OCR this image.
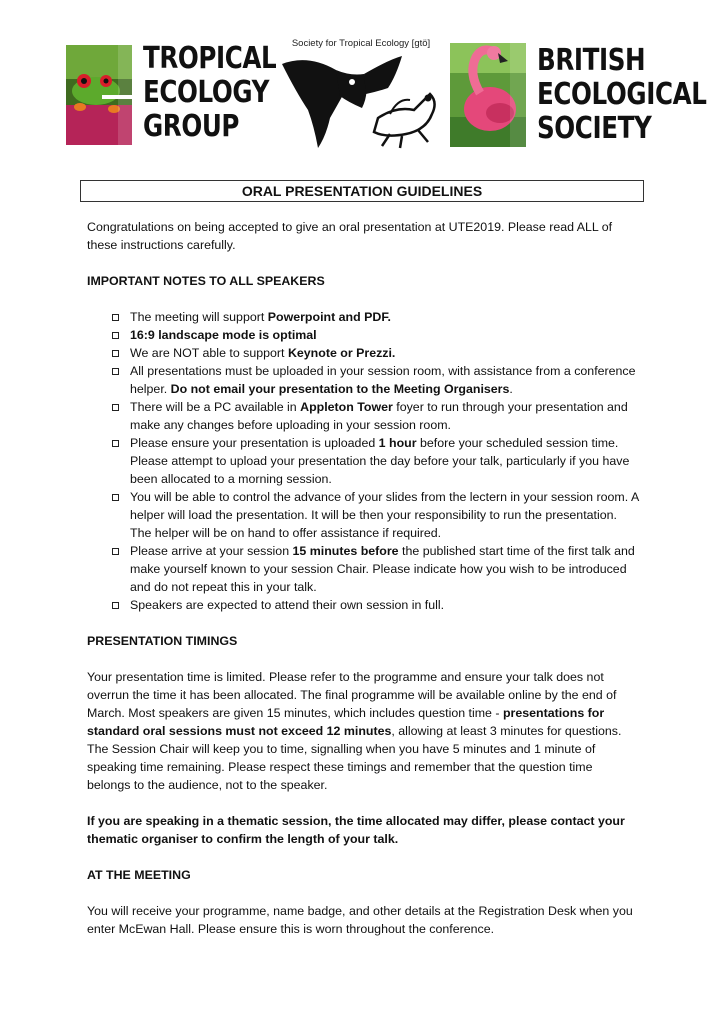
TROPICAL
ECOLOGY
GROUP
Society for Tropical Ecology [gtö]	BRITISH
ECOLOGICAL
SOCIETY
ORAL PRESENTATION GUIDELINES

Congratulations on being accepted to give an oral presentation at UTE2019. Please read ALL of these instructions carefully.

IMPORTANT NOTES TO ALL SPEAKERS

The meeting will support Powerpoint and PDF.
16:9 landscape mode is optimal
We are NOT able to support Keynote or Prezzi.
All presentations must be uploaded in your session room, with assistance from a conference helper. Do not email your presentation to the Meeting Organisers.
There will be a PC available in Appleton Tower foyer to run through your presentation and make any changes before uploading in your session room.
Please ensure your presentation is uploaded 1 hour before your scheduled session time. Please attempt to upload your presentation the day before your talk, particularly if you have been allocated to a morning session.
You will be able to control the advance of your slides from the lectern in your session room. A helper will load the presentation. It will be then your responsibility to run the presentation. The helper will be on hand to offer assistance if required.
Please arrive at your session 15 minutes before the published start time of the first talk and make yourself known to your session Chair. Please indicate how you wish to be introduced and do not repeat this in your talk.
Speakers are expected to attend their own session in full.

PRESENTATION TIMINGS

Your presentation time is limited. Please refer to the programme and ensure your talk does not overrun the time it has been allocated. The final programme will be available online by the end of March. Most speakers are given 15 minutes, which includes question time - presentations for standard oral sessions must not exceed 12 minutes, allowing at least 3 minutes for questions. The Session Chair will keep you to time, signalling when you have 5 minutes and 1 minute of speaking time remaining. Please respect these timings and remember that the question time belongs to the audience, not to the speaker.

If you are speaking in a thematic session, the time allocated may differ, please contact your thematic organiser to confirm the length of your talk.

AT THE MEETING

You will receive your programme, name badge, and other details at the Registration Desk when you enter McEwan Hall. Please ensure this is worn throughout the conference.
